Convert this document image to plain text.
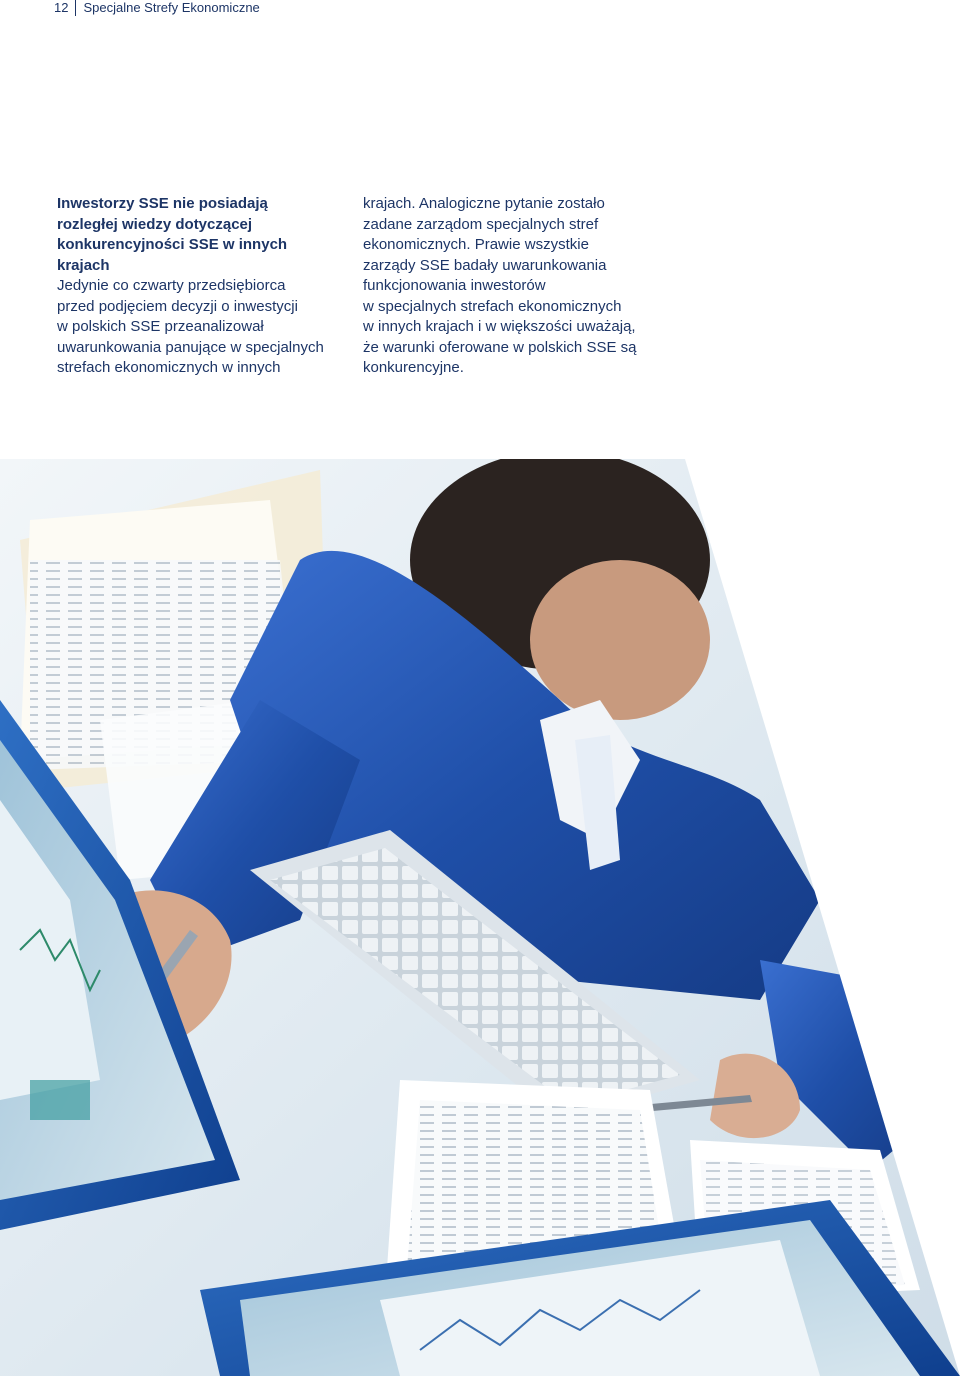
12 Specjalne Strefy Ekonomiczne
Inwestorzy SSE nie posiadają
rozległej wiedzy dotyczącej
konkurencyjności SSE w innych
krajach
Jedynie co czwarty przedsiębiorca
przed podjęciem decyzji o inwestycji
w polskich SSE przeanalizował
uwarunkowania panujące w specjalnych
strefach ekonomicznych w innych
krajach. Analogiczne pytanie zostało
zadane zarządom specjalnych stref
ekonomicznych. Prawie wszystkie
zarządy SSE badały uwarunkowania
funkcjonowania inwestorów
w specjalnych strefach ekonomicznych
w innych krajach i w większości uważają,
że warunki oferowane w polskich SSE są
konkurencyjne.
